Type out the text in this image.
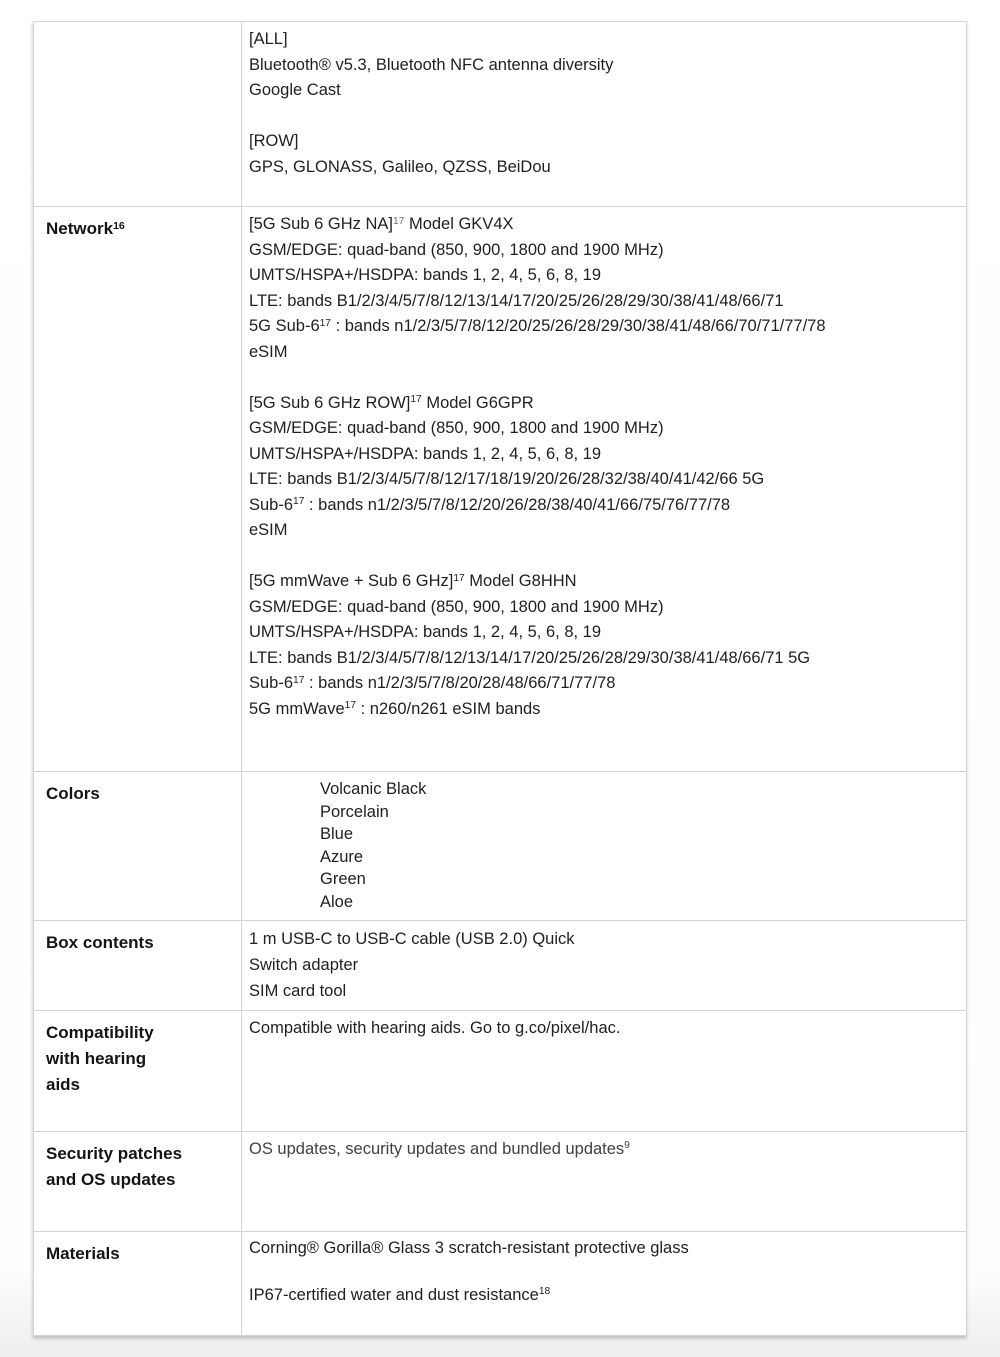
	[ALL]
Bluetooth® v5.3, Bluetooth NFC antenna diversity
Google Cast

[ROW]
GPS, GLONASS, Galileo, QZSS, BeiDou

Network$^{16}$	[5G Sub 6 GHz NA]$^{17}$ Model GKV4X
GSM/EDGE: quad-band (850, 900, 1800 and 1900 MHz)
UMTS/HSPA+/HSDPA: bands 1, 2, 4, 5, 6, 8, 19
LTE: bands B1/2/3/4/5/7/8/12/13/14/17/20/25/26/28/29/30/38/41/48/66/71
5G Sub-$6^{17}$ : bands n1/2/3/5/7/8/12/20/25/26/28/29/30/38/41/48/66/70/71/77/78
eSIM

[5G Sub 6 GHz ROW]$^{17}$ Model G6GPR
GSM/EDGE: quad-band (850, 900, 1800 and 1900 MHz)
UMTS/HSPA+/HSDPA: bands 1, 2, 4, 5, 6, 8, 19
LTE: bands B1/2/3/4/5/7/8/12/17/18/19/20/26/28/32/38/40/41/42/66 5G
Sub-$6^{17}$ : bands n1/2/3/5/7/8/12/20/26/28/38/40/41/66/75/76/77/78
eSIM

[5G mmWave + Sub 6 GHz]$^{17}$ Model G8HHN
GSM/EDGE: quad-band (850, 900, 1800 and 1900 MHz)
UMTS/HSPA+/HSDPA: bands 1, 2, 4, 5, 6, 8, 19
LTE: bands B1/2/3/4/5/7/8/12/13/14/17/20/25/26/28/29/30/38/41/48/66/71 5G
Sub-$6^{17}$ : bands n1/2/3/5/7/8/20/28/48/66/71/77/78
5G mmWave$^{17}$ : n260/n261 eSIM bands

Colors	Volcanic Black
Porcelain
Blue
Azure
Green
Aloe

Box contents	1 m USB-C to USB-C cable (USB 2.0) Quick
Switch adapter
SIM card tool

Compatibility
with hearing
aids	Compatible with hearing aids. Go to g.co/pixel/hac.

Security patches
and OS updates	OS updates, security updates and bundled updates$^9$

Materials	Corning® Gorilla® Glass 3 scratch-resistant protective glass

IP67-certified water and dust resistance$^{18}$
